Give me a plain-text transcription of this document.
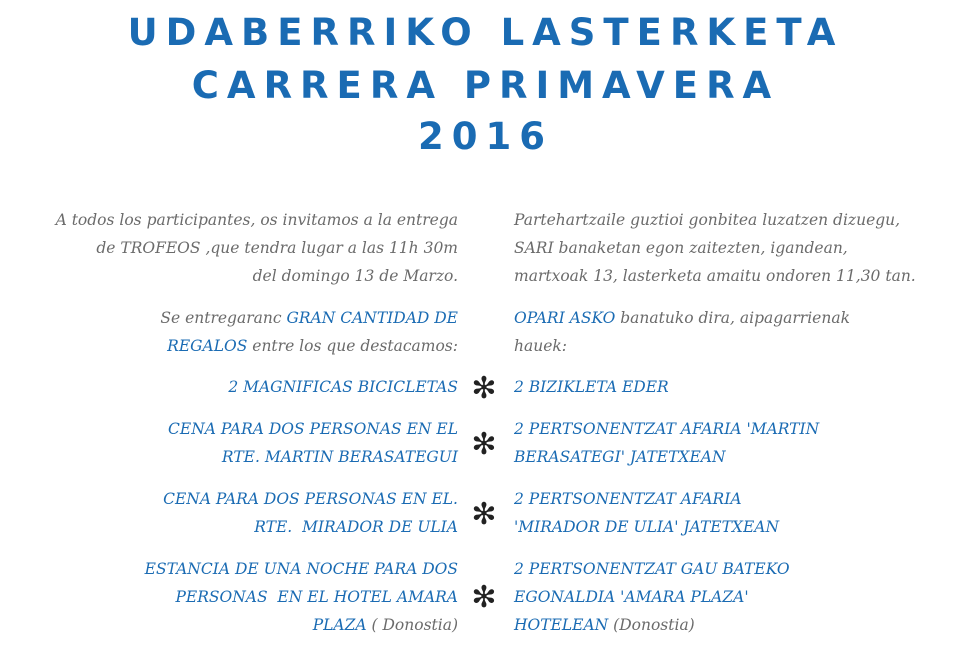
UDABERRIKO LASTERKETA
CARRERA PRIMAVERA
2016
A todos los participantes, os invitamos a la entrega
de TROFEOS ,que tendra lugar a las 11h 30m
del domingo 13 de Marzo.
Partehartzaile guztioi gonbitea luzatzen dizuegu,
SARI banaketan egon zaitezten, igandean,
martxoak 13, lasterketa amaitu ondoren 11,30 tan.
Se entregaranc GRAN CANTIDAD DE
REGALOS entre los que destacamos:
OPARI ASKO banatuko dira, aipagarrienak
hauek:
2 MAGNIFICAS BICICLETAS ✻ 2 BIZIKLETA EDER
CENA PARA DOS PERSONAS EN EL
RTE. MARTIN BERASATEGUI ✻ 2 PERTSONENTZAT AFARIA 'MARTIN
BERASATEGI' JATETXEAN
CENA PARA DOS PERSONAS EN EL.
RTE.  MIRADOR DE ULIA ✻ 2 PERTSONENTZAT AFARIA
'MIRADOR DE ULIA' JATETXEAN
ESTANCIA DE UNA NOCHE PARA DOS
PERSONAS  EN EL HOTEL AMARA
PLAZA ( Donostia)
✻
2 PERTSONENTZAT GAU BATEKO
EGONALDIA 'AMARA PLAZA'
HOTELEAN (Donostia)
